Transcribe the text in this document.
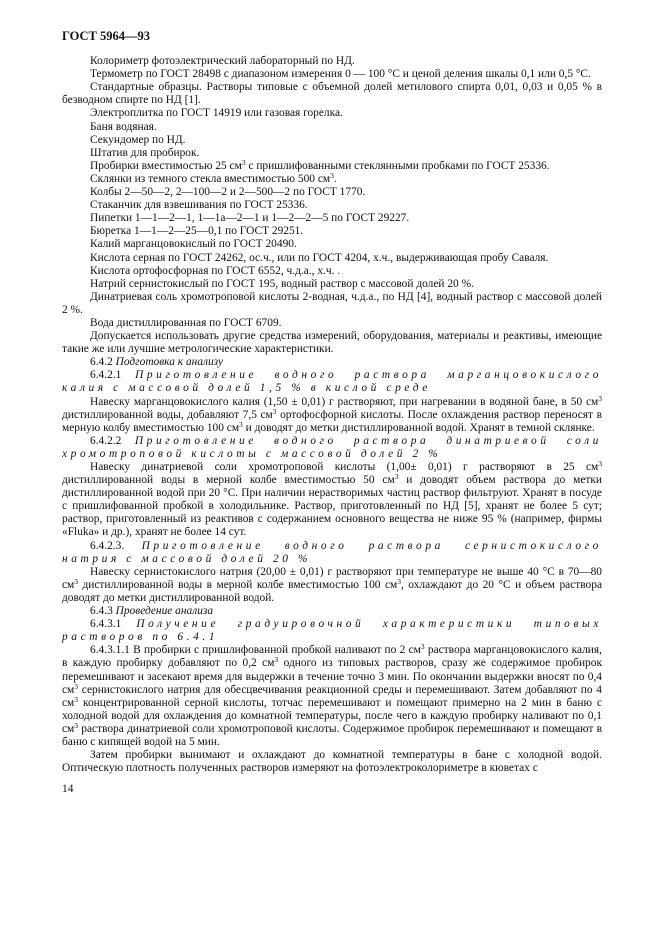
ГОСТ 5964—93

Колориметр фотоэлектрический лабораторный по НД.

Термометр по ГОСТ 28498 с диапазоном измерения 0 — 100 °С и ценой деления шкалы 0,1 или 0,5 °С.

Стандартные образцы. Растворы типовые с объемной долей метилового спирта 0,01, 0,03 и 0,05 % в безводном спирте по НД [1].

Электроплитка по ГОСТ 14919 или газовая горелка.

Баня водяная.

Секундомер по НД.

Штатив для пробирок.

Пробирки вместимостью 25 $см^3$ с пришлифованными стеклянными пробками по ГОСТ 25336.

Склянки из темного стекла вместимостью 500 $см^3$.

Колбы 2—50—2, 2—100—2 и 2—500—2 по ГОСТ 1770.

Стаканчик для взвешивания по ГОСТ 25336.

Пипетки 1—1—2—1, 1—1а—2—1 и 1—2—2—5 по ГОСТ 29227.

Бюретка 1—1—2—25—0,1 по ГОСТ 29251.

Калий марганцовокислый по ГОСТ 20490.

Кислота серная по ГОСТ 24262, ос.ч., или по ГОСТ 4204, х.ч., выдерживающая пробу Саваля.

Кислота ортофосфорная по ГОСТ 6552, ч.д.а., х.ч. .

Натрий сернистокислый по ГОСТ 195, водный раствор с массовой долей 20 %.

Динатриевая соль хромотроповой кислоты 2-водная, ч.д.а., по НД [4], водный раствор с массовой долей 2 %.

Вода дистиллированная по ГОСТ 6709.

Допускается использовать другие средства измерений, оборудования, материалы и реактивы, имеющие такие же или лучшие метрологические характеристики.

6.4.2 Подготовка к анализу

6.4.2.1 Приготовление водного раствора марганцовокислого калия с массовой долей 1,5 % в кислой среде

Навеску марганцовокислого калия (1,50 ± 0,01) г растворяют, при нагревании в водяной бане, в 50 $см^3$ дистиллированной воды, добавляют 7,5 $см^3$ ортофосфорной кислоты. После охлаждения раствор переносят в мерную колбу вместимостью 100 $см^3$ и доводят до метки дистиллированной водой. Хранят в темной склянке.

6.4.2.2 Приготовление водного раствора динатриевой соли хромотроповой кислоты с массовой долей 2 %

Навеску динатриевой соли хромотроповой кислоты (1,00± 0,01) г растворяют в 25 $см^3$ дистиллированной воды в мерной колбе вместимостью 50 $см^3$ и доводят объем раствора до метки дистиллированной водой при 20 °С. При наличии нерастворимых частиц раствор фильтруют. Хранят в посуде с пришлифованной пробкой в холодильнике. Раствор, приготовленный по НД [5], хранят не более 5 сут; раствор, приготовленный из реактивов с содержанием основного вещества не ниже 95 % (например, фирмы «Fluka» и др.), хранят не более 14 сут.

6.4.2.3. Приготовление водного раствора сернистокислого натрия с массовой долей 20 %

Навеску сернистокислого натрия (20,00 ± 0,01) г растворяют при температуре не выше 40 °С в 70—80 $см^3$ дистиллированной воды в мерной колбе вместимостью 100 $см^3$, охлаждают до 20 °С и объем раствора доводят до метки дистиллированной водой.

6.4.3 Проведение анализа

6.4.3.1 Получение градуировочной характеристики типовых растворов по 6.4.1

6.4.3.1.1 В пробирки с пришлифованной пробкой наливают по 2 $см^3$ раствора марганцовокислого калия, в каждую пробирку добавляют по 0,2 $см^3$ одного из типовых растворов, сразу же содержимое пробирок перемешивают и засекают время для выдержки в течение точно 3 мин. По окончании выдержки вносят по 0,4 $см^3$ сернистокислого натрия для обесцвечивания реакционной среды и перемешивают. Затем добавляют по 4 $см^3$ концентрированной серной кислоты, тотчас перемешивают и помещают примерно на 2 мин в баню с холодной водой для охлаждения до комнатной температуры, после чего в каждую пробирку наливают по 0,1 $см^3$ раствора динатриевой соли хромотроповой кислоты. Содержимое пробирок перемешивают и помещают в баню с кипящей водой на 5 мин.

Затем пробирки вынимают и охлаждают до комнатной температуры в бане с холодной водой. Оптическую плотность полученных растворов измеряют на фотоэлектроколориметре в кюветах с

14
